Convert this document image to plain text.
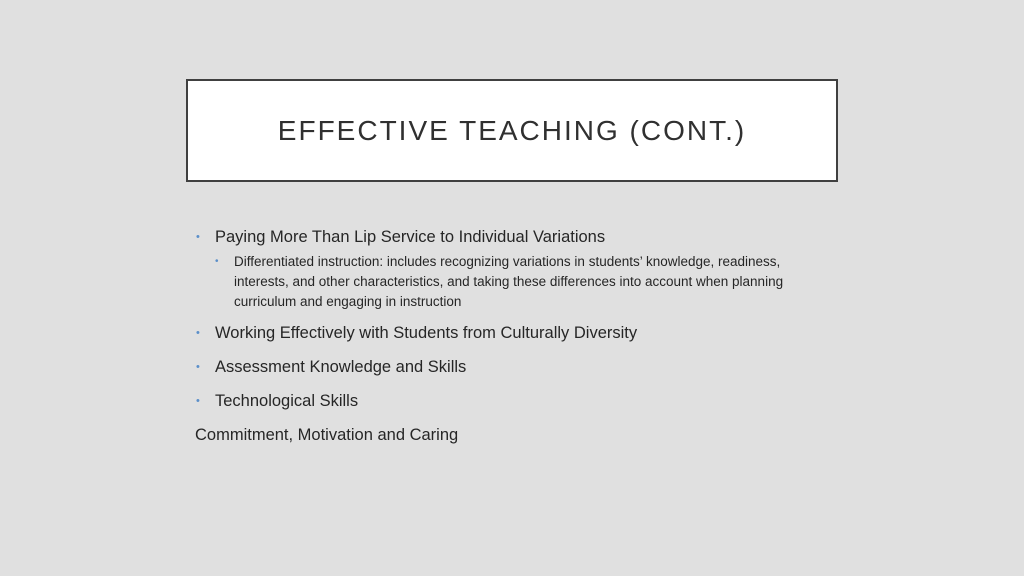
EFFECTIVE TEACHING (CONT.)
• Paying More Than Lip Service to Individual Variations
• Differentiated instruction: includes recognizing variations in students’ knowledge, readiness, interests, and other characteristics, and taking these differences into account when planning curriculum and engaging in instruction
• Working Effectively with Students from Culturally Diversity
• Assessment Knowledge and Skills
• Technological Skills
Commitment, Motivation and Caring
